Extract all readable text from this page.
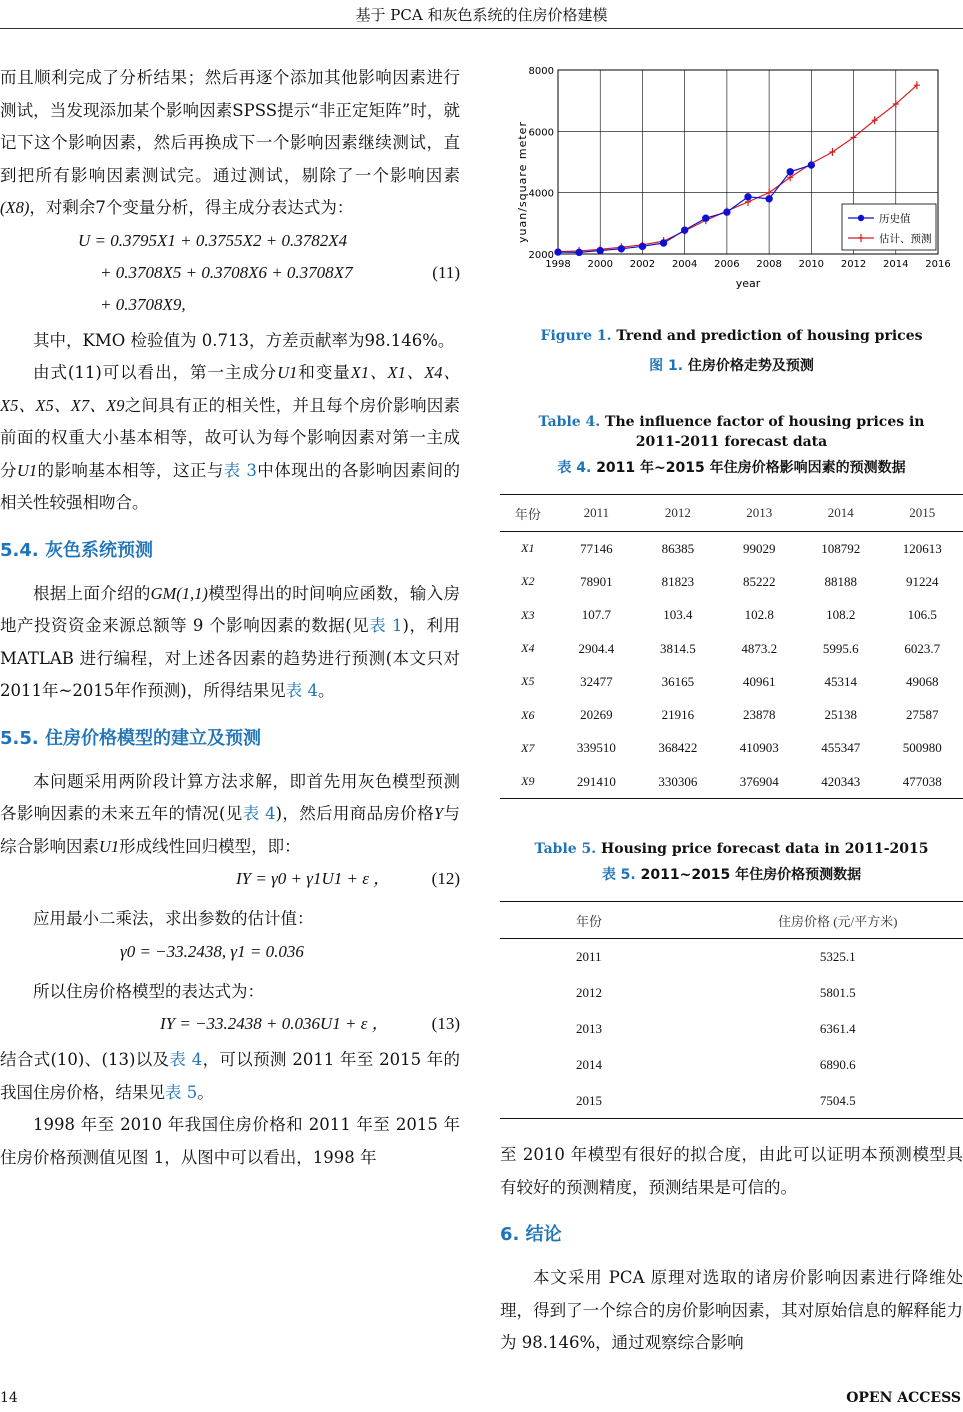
基于 PCA 和灰色系统的住房价格建模

而且顺利完成了分析结果；然后再逐个添加其他影响因素进行测试，当发现添加某个影响因素SPSS提示“非正定矩阵”时，就记下这个影响因素，然后再换成下一个影响因素继续测试，直到把所有影响因素测试完。通过测试，剔除了一个影响因素(X8)，对剩余7个变量分析，得主成分表达式为：

U = 0.3795X1 + 0.3755X2 + 0.3782X4
+ 0.3708X5 + 0.3708X6 + 0.3708X7	(11)
+ 0.3708X9,

其中，KMO 检验值为 0.713，方差贡献率为98.146%。

由式(11)可以看出，第一主成分U1和变量X1、X1、X4、X5、X5、X7、X9之间具有正的相关性，并且每个房价影响因素前面的权重大小基本相等，故可认为每个影响因素对第一主成分U1的影响基本相等，这正与表 3中体现出的各影响因素间的相关性较强相吻合。

5.4. 灰色系统预测

根据上面介绍的GM(1,1)模型得出的时间响应函数，输入房地产投资资金来源总额等 9 个影响因素的数据(见表 1)，利用 MATLAB 进行编程，对上述各因素的趋势进行预测(本文只对2011年~2015年作预测)，所得结果见表 4。

5.5. 住房价格模型的建立及预测

本问题采用两阶段计算方法求解，即首先用灰色模型预测各影响因素的未来五年的情况(见表 4)，然后用商品房价格Y与综合影响因素U1形成线性回归模型，即：

IY = γ0 + γ1U1 + ε ， (12)

应用最小二乘法，求出参数的估计值：

γ0 = −33.2438, γ1 = 0.036

所以住房价格模型的表达式为：

IY = −33.2438 + 0.036U1 + ε ，	(13)

结合式(10)、(13)以及表 4，可以预测 2011 年至 2015 年的我国住房价格，结果见表 5。

1998 年至 2010 年我国住房价格和 2011 年至 2015 年住房价格预测值见图 1，从图中可以看出，1998 年

1998 2000 2002 2004 2006 2008 2010 2012 2014 2016
2000
4000
6000
8000
year
yuan/square meter	历史值
估计、预测
Figure 1. Trend and prediction of housing prices
图 1. 住房价格走势及预测
Table 4. The influence factor of housing prices in 2011-2011 forecast data
表 4. 2011 年~2015 年住房价格影响因素的预测数据
年份	2011	2012	2013	2014	2015
X1	77146	86385	99029	108792	120613
X2	78901	81823	85222	88188	91224
X3	107.7	103.4	102.8	108.2	106.5
X4	2904.4	3814.5	4873.2	5995.6	6023.7
X5	32477	36165	40961	45314	49068
X6	20269	21916	23878	25138	27587
X7	339510	368422	410903	455347	500980
X9	291410	330306	376904	420343	477038
Table 5. Housing price forecast data in 2011-2015
表 5. 2011~2015 年住房价格预测数据
年份	住房价格 (元/平方米)
2011	5325.1
2012	5801.5
2013	6361.4
2014	6890.6
2015	7504.5

至 2010 年模型有很好的拟合度，由此可以证明本预测模型具有较好的预测精度，预测结果是可信的。

6. 结论

本文采用 PCA 原理对选取的诸房价影响因素进行降维处理，得到了一个综合的房价影响因素，其对原始信息的解释能力为 98.146%，通过观察综合影响

14	OPEN ACCESS
